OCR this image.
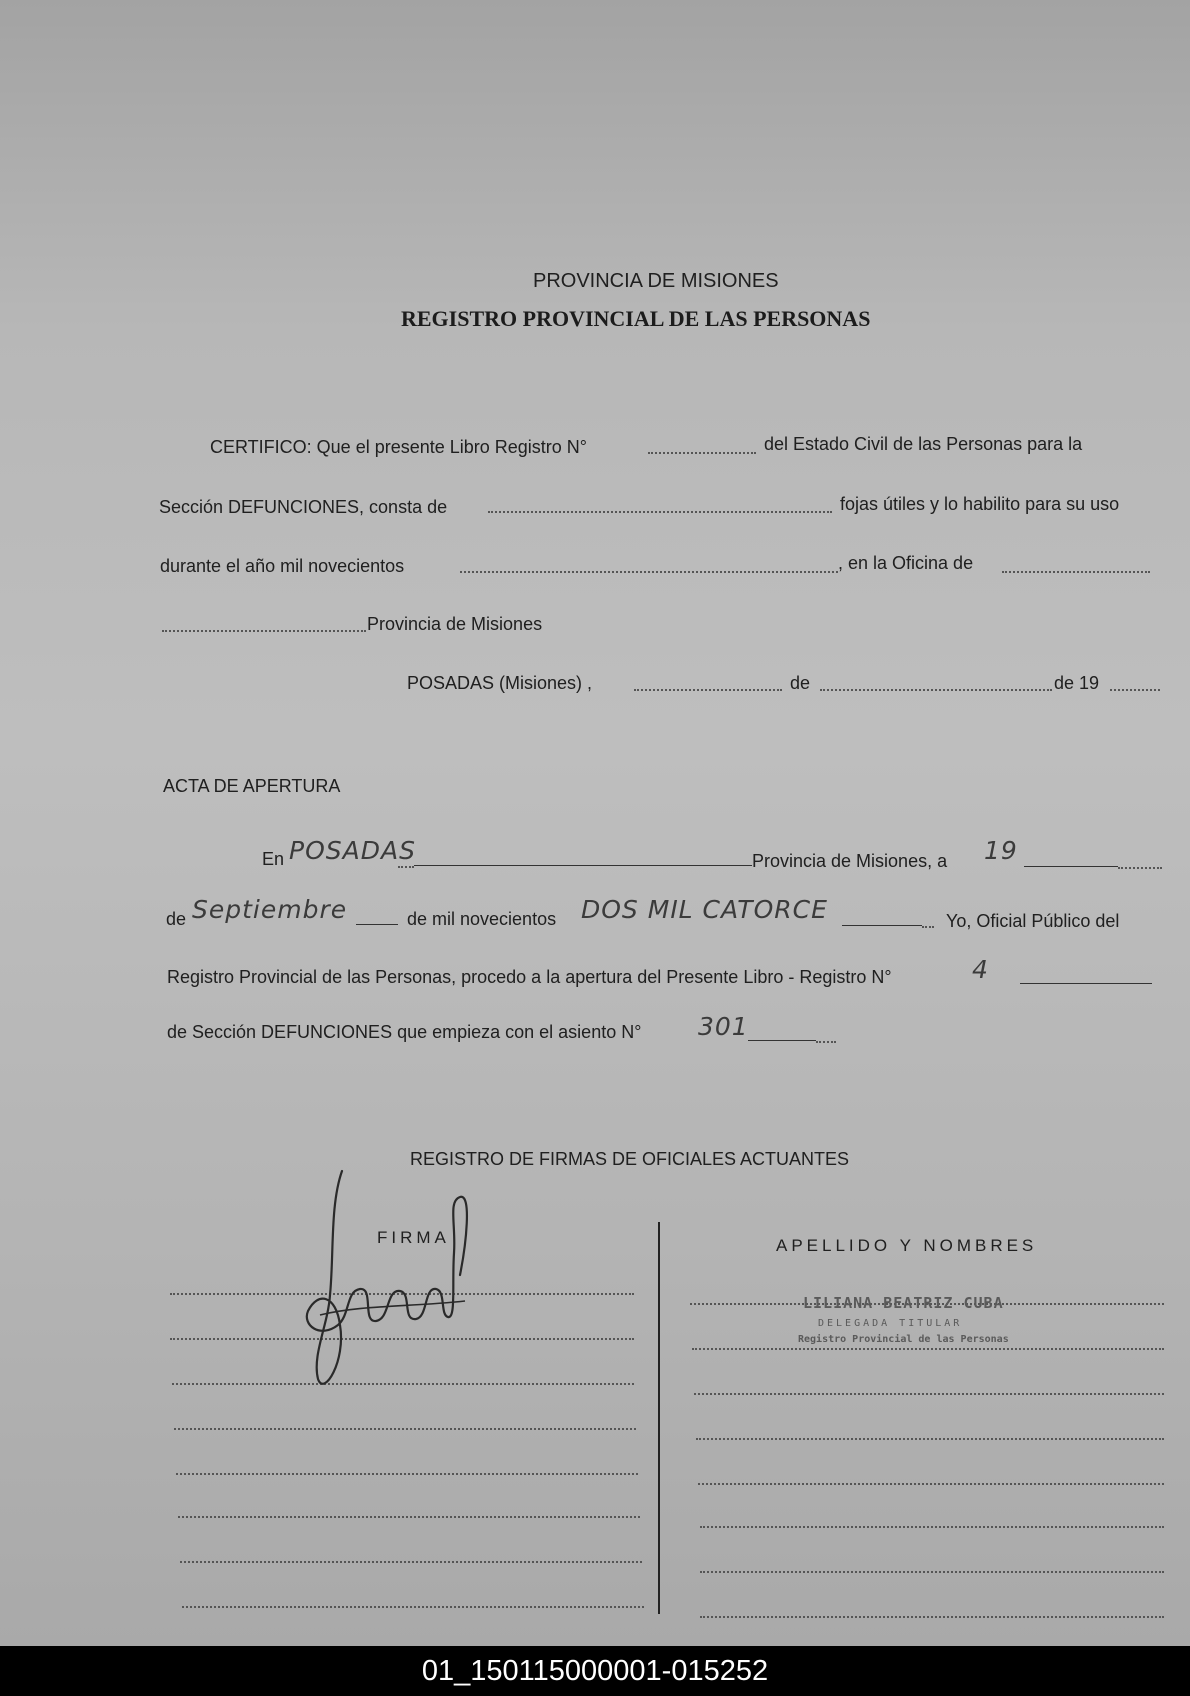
PROVINCIA DE MISIONES
REGISTRO PROVINCIAL DE LAS PERSONAS
CERTIFICO: Que el presente Libro Registro N°	del Estado Civil de las Personas para la
Sección DEFUNCIONES, consta de	fojas útiles y lo habilito para su uso
durante el año mil novecientos	, en la Oficina de
Provincia de Misiones
POSADAS (Misiones) ,	de	de 19
ACTA DE APERTURA
En POSADAS	Provincia de Misiones, a 19
de Septiembre	de mil novecientos DOS MIL CATORCE	Yo, Oficial Público del
Registro Provincial de las Personas, procedo a la apertura del Presente Libro - Registro N°	4
de Sección DEFUNCIONES que empieza con el asiento N° 301
REGISTRO DE FIRMAS DE OFICIALES ACTUANTES
FIRMA	APELLIDO Y NOMBRES
LILIANA BEATRIZ CUBA
DELEGADA TITULAR
Registro Provincial de las Personas
01_150115000001-015252
